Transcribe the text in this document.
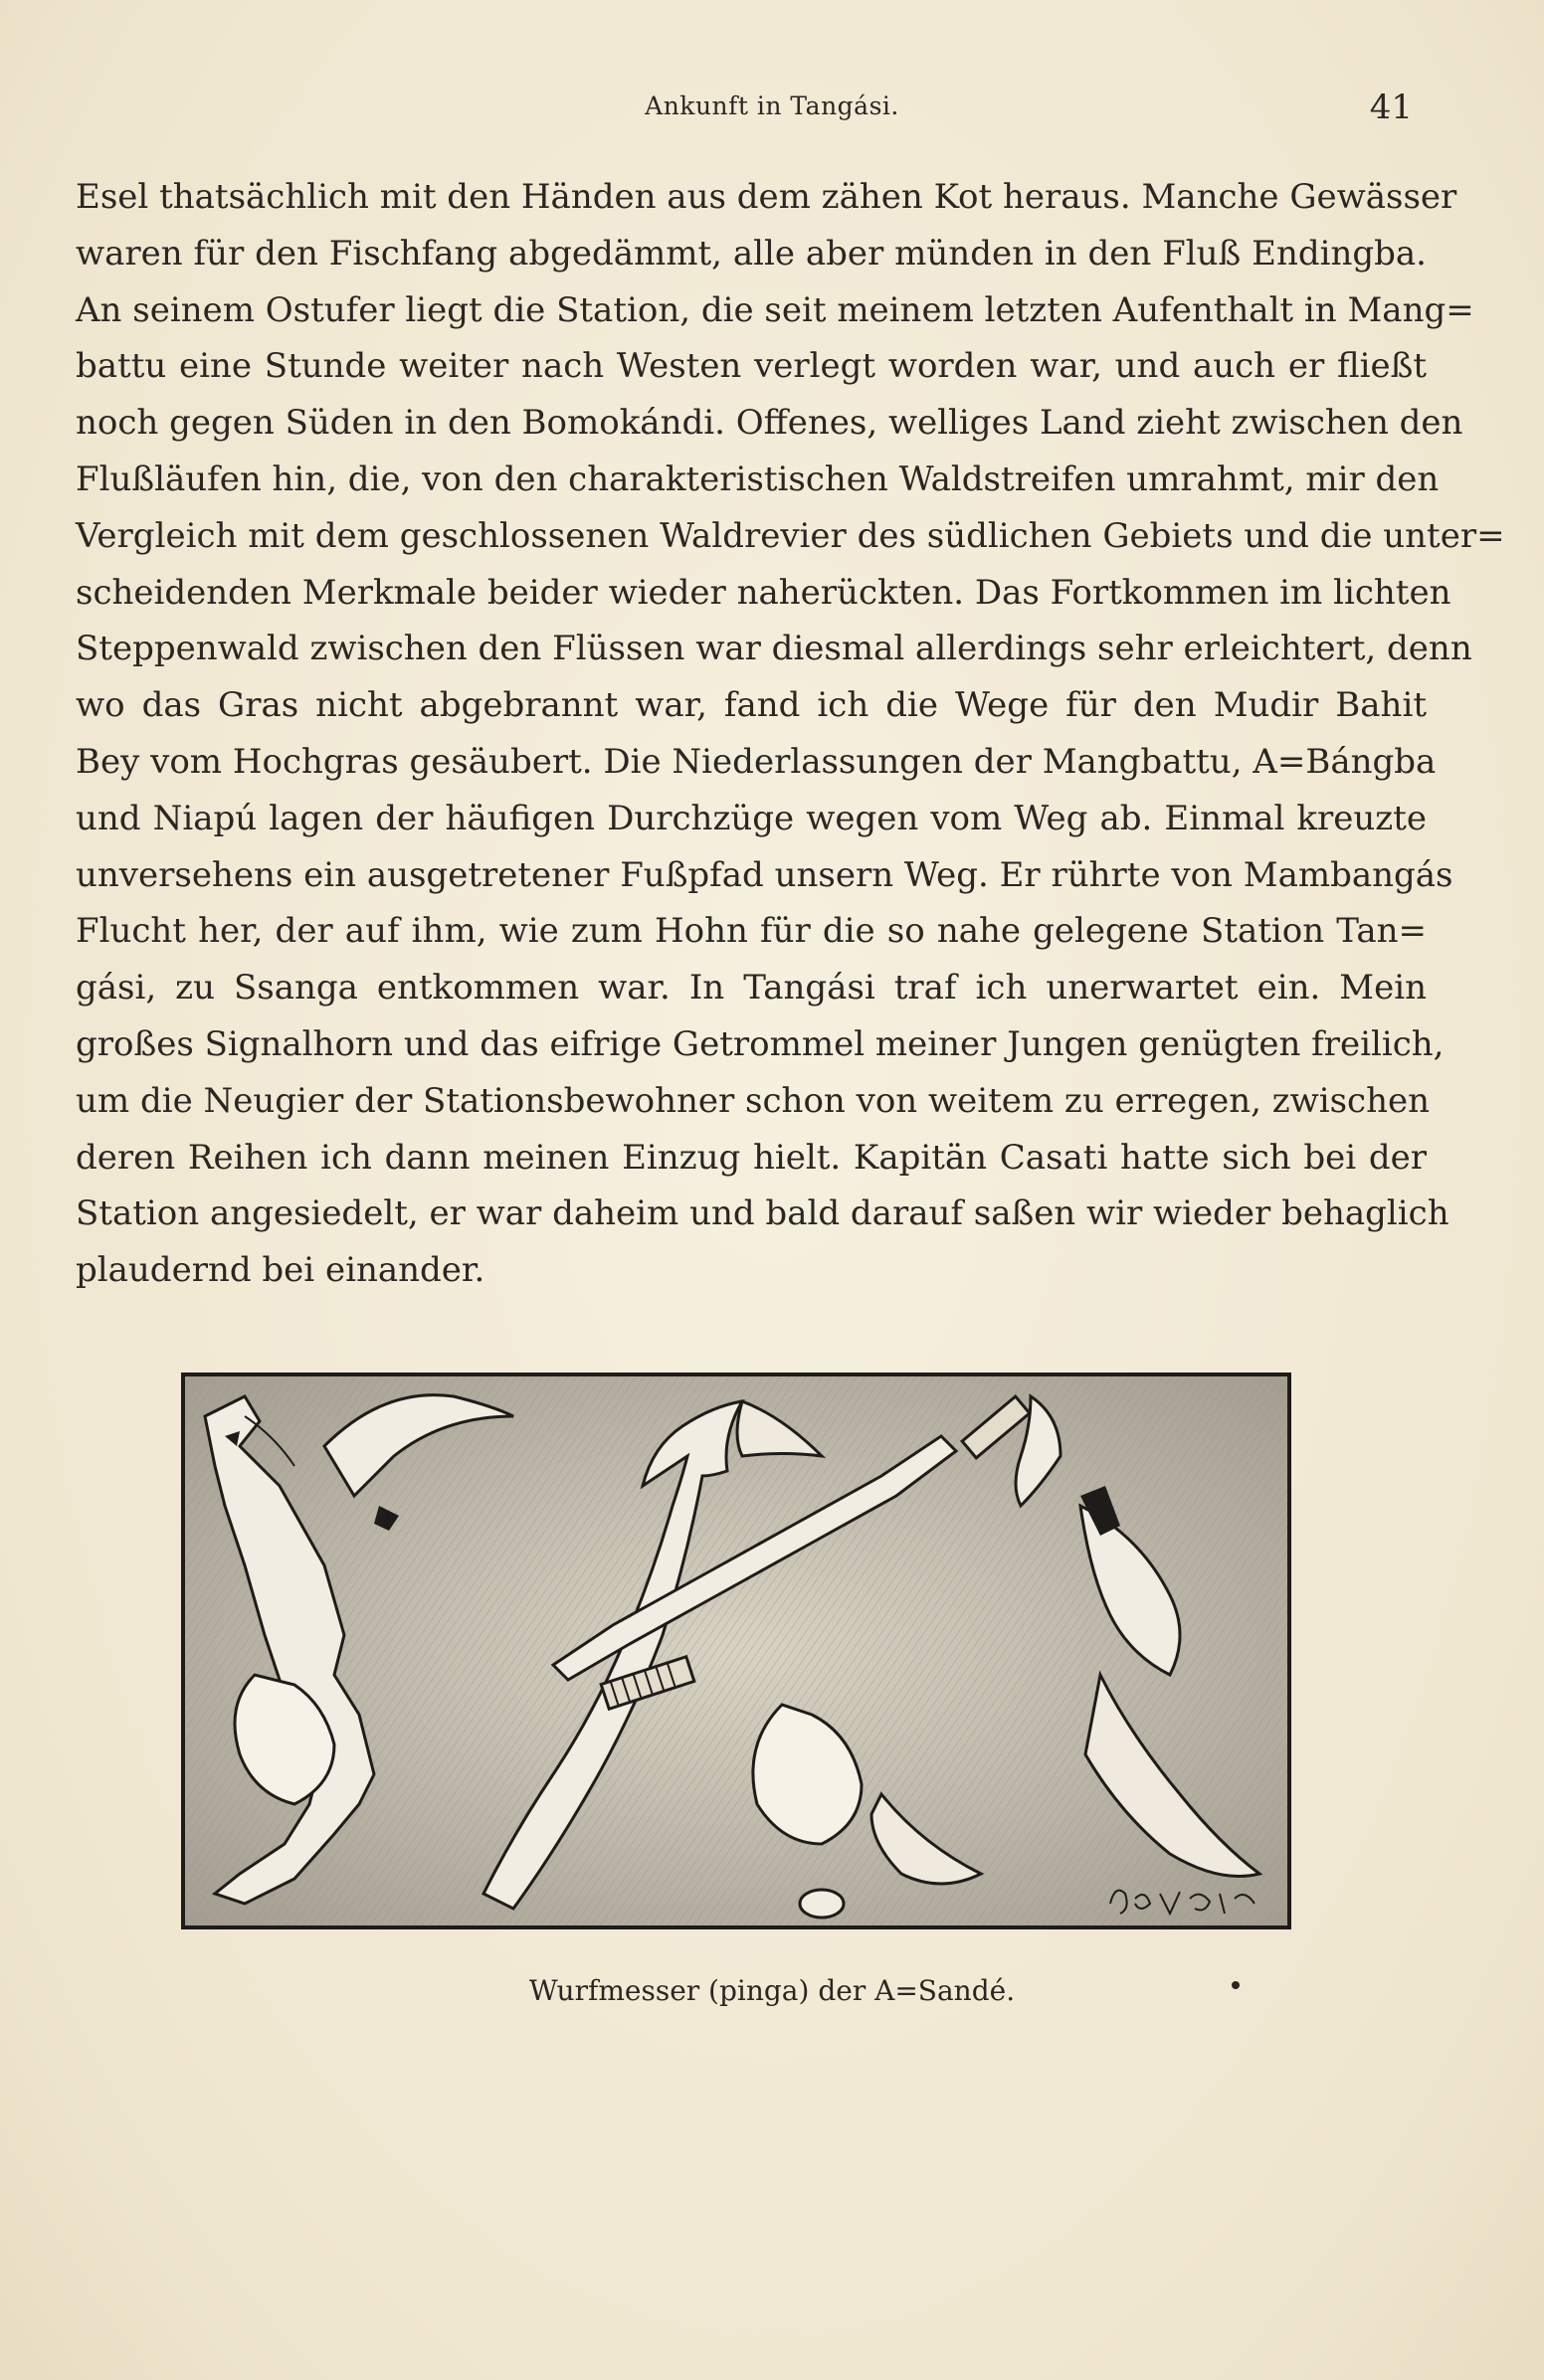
Ankunft in Tangási.	41
Esel thatsächlich mit den Händen aus dem zähen Kot heraus. Manche Gewässer
waren für den Fischfang abgedämmt, alle aber münden in den Fluß Endingba.
An seinem Ostufer liegt die Station, die seit meinem letzten Aufenthalt in Mang=
battu eine Stunde weiter nach Westen verlegt worden war, und auch er fließt
noch gegen Süden in den Bomokándi. Offenes, welliges Land zieht zwischen den
Flußläufen hin, die, von den charakteristischen Waldstreifen umrahmt, mir den
Vergleich mit dem geschlossenen Waldrevier des südlichen Gebiets und die unter=
scheidenden Merkmale beider wieder naherückten. Das Fortkommen im lichten
Steppenwald zwischen den Flüssen war diesmal allerdings sehr erleichtert, denn
wo das Gras nicht abgebrannt war, fand ich die Wege für den Mudir Bahit
Bey vom Hochgras gesäubert. Die Niederlassungen der Mangbattu, A=Bángba
und Niapú lagen der häufigen Durchzüge wegen vom Weg ab. Einmal kreuzte
unversehens ein ausgetretener Fußpfad unsern Weg. Er rührte von Mambangás
Flucht her, der auf ihm, wie zum Hohn für die so nahe gelegene Station Tan=
gási, zu Ssanga entkommen war. In Tangási traf ich unerwartet ein. Mein
großes Signalhorn und das eifrige Getrommel meiner Jungen genügten freilich,
um die Neugier der Stationsbewohner schon von weitem zu erregen, zwischen
deren Reihen ich dann meinen Einzug hielt. Kapitän Casati hatte sich bei der
Station angesiedelt, er war daheim und bald darauf saßen wir wieder behaglich
plaudernd bei einander.
Wurfmesser (pinga) der A=Sandé.
